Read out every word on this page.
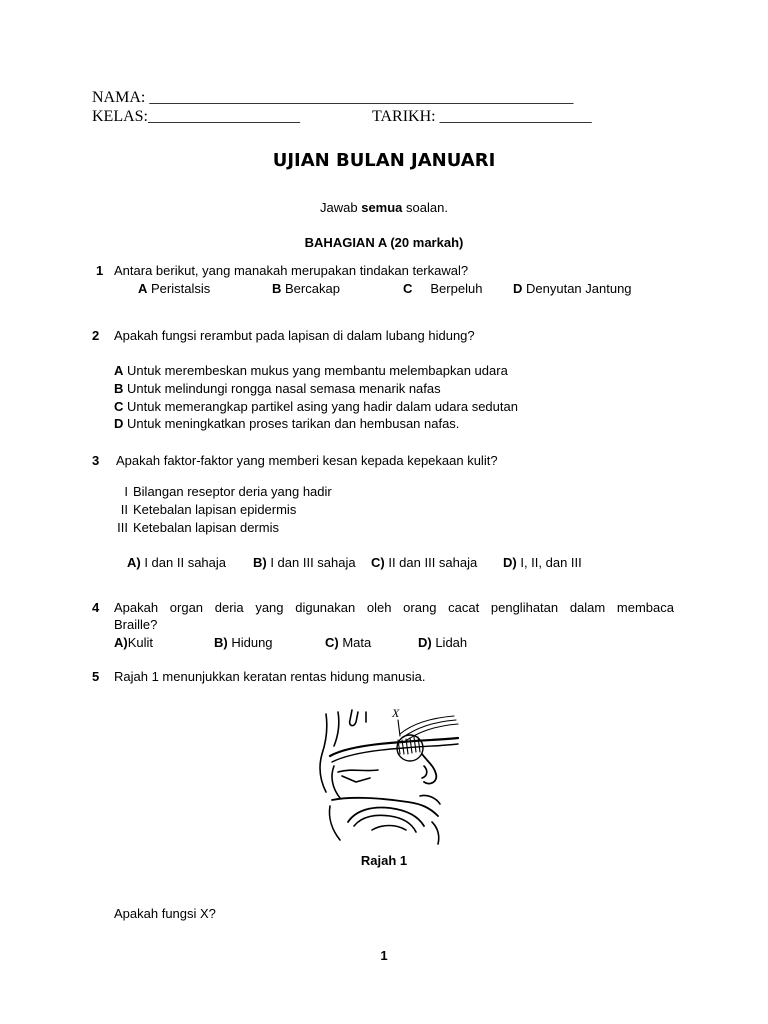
NAMA: _____________________________________________________
KELAS:___________________	TARIKH: ___________________
UJIAN BULAN JANUARI
Jawab semua soalan.
BAHAGIAN A (20 markah)
1 Antara berikut, yang manakah merupakan tindakan terkawal?
A Peristalsis	B Bercakap	C Berpeluh D Denyutan Jantung
2 Apakah fungsi rerambut pada lapisan di dalam lubang hidung?
A Untuk merembeskan mukus yang membantu melembapkan udara
B Untuk melindungi rongga nasal semasa menarik nafas
C Untuk memerangkap partikel asing yang hadir dalam udara sedutan
D Untuk meningkatkan proses tarikan dan hembusan nafas.
3 Apakah faktor-faktor yang memberi kesan kepada kepekaan kulit?
I Bilangan reseptor deria yang hadir
II Ketebalan lapisan epidermis
III Ketebalan lapisan dermis
A) I dan II sahaja B) I dan III sahaja C) II dan III sahaja D) I, II, dan III
4 Apakah organ deria yang digunakan oleh orang cacat penglihatan dalam membaca
Braille?
A)Kulit	B) Hidung	C) Mata	D) Lidah
5 Rajah 1 menunjukkan keratan rentas hidung manusia.
X
Rajah 1
Apakah fungsi X?
1
